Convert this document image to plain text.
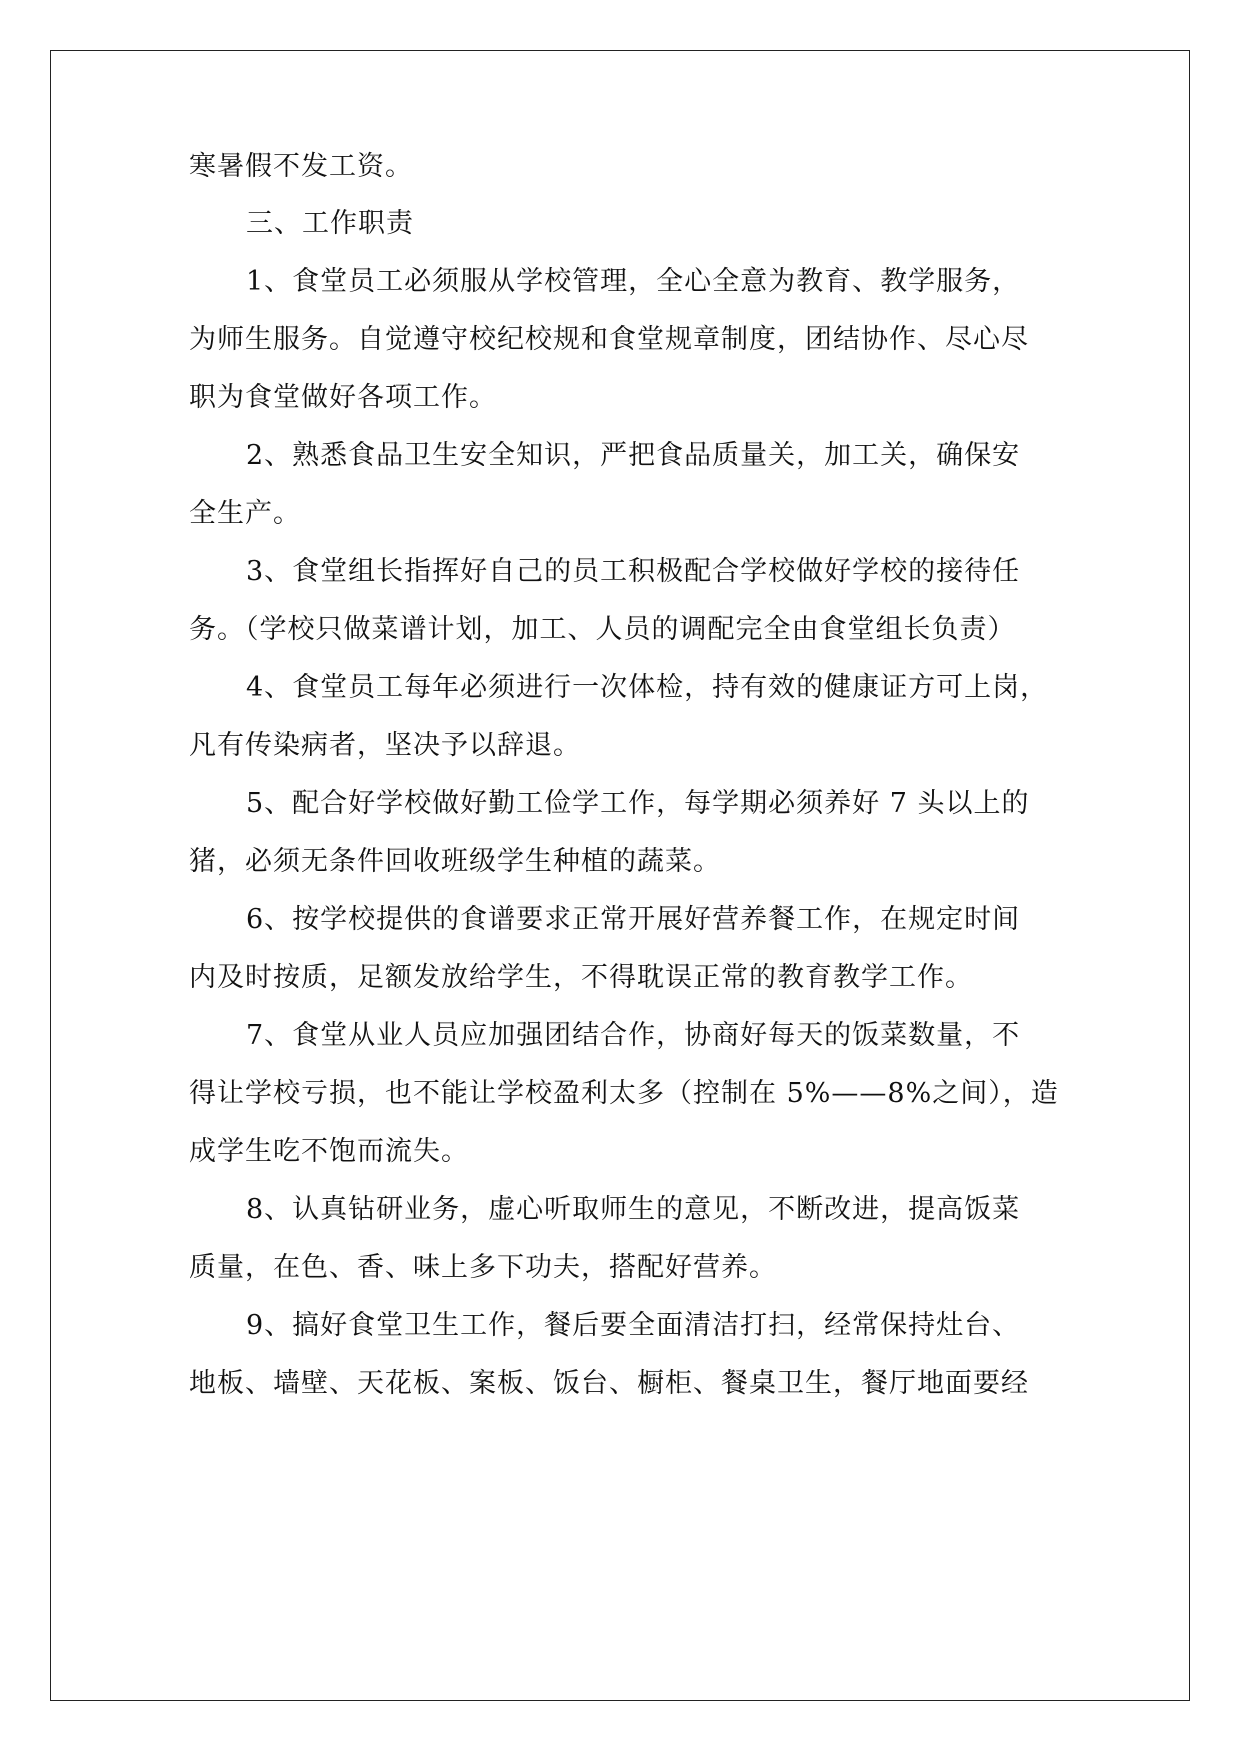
寒暑假不发工资。
三、工作职责
1、食堂员工必须服从学校管理，全心全意为教育、教学服务，
为师生服务。自觉遵守校纪校规和食堂规章制度，团结协作、尽心尽
职为食堂做好各项工作。
2、熟悉食品卫生安全知识，严把食品质量关，加工关，确保安
全生产。
3、食堂组长指挥好自己的员工积极配合学校做好学校的接待任
务。（学校只做菜谱计划，加工、人员的调配完全由食堂组长负责）
4、食堂员工每年必须进行一次体检，持有效的健康证方可上岗，
凡有传染病者，坚决予以辞退。
5、配合好学校做好勤工俭学工作，每学期必须养好 7 头以上的
猪，必须无条件回收班级学生种植的蔬菜。
6、按学校提供的食谱要求正常开展好营养餐工作，在规定时间
内及时按质，足额发放给学生，不得耽误正常的教育教学工作。
7、食堂从业人员应加强团结合作，协商好每天的饭菜数量，不
得让学校亏损，也不能让学校盈利太多（控制在 5%——8%之间），造
成学生吃不饱而流失。
8、认真钻研业务，虚心听取师生的意见，不断改进，提高饭菜
质量，在色、香、味上多下功夫，搭配好营养。
9、搞好食堂卫生工作，餐后要全面清洁打扫，经常保持灶台、
地板、墙壁、天花板、案板、饭台、橱柜、餐桌卫生，餐厅地面要经
